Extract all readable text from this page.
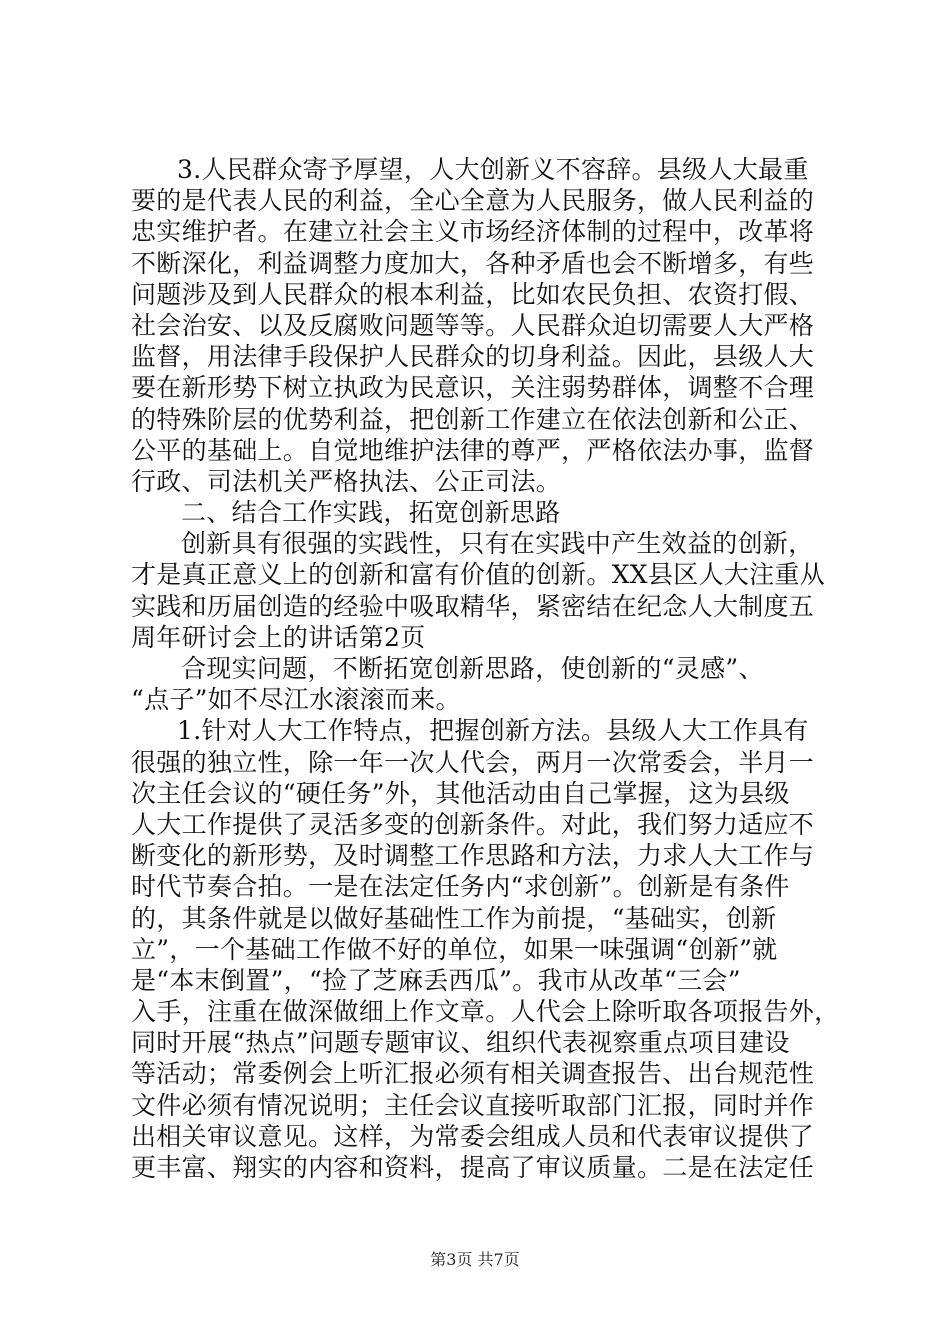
3.人民群众寄予厚望，人大创新义不容辞。县级人大最重
要的是代表人民的利益，全心全意为人民服务，做人民利益的
忠实维护者。在建立社会主义市场经济体制的过程中，改革将
不断深化，利益调整力度加大，各种矛盾也会不断增多，有些
问题涉及到人民群众的根本利益，比如农民负担、农资打假、
社会治安、以及反腐败问题等等。人民群众迫切需要人大严格
监督，用法律手段保护人民群众的切身利益。因此，县级人大
要在新形势下树立执政为民意识，关注弱势群体，调整不合理
的特殊阶层的优势利益，把创新工作建立在依法创新和公正、
公平的基础上。自觉地维护法律的尊严，严格依法办事，监督
行政、司法机关严格执法、公正司法。
二、结合工作实践，拓宽创新思路
创新具有很强的实践性，只有在实践中产生效益的创新，
才是真正意义上的创新和富有价值的创新。XX县区人大注重从
实践和历届创造的经验中吸取精华，紧密结在纪念人大制度五
周年研讨会上的讲话第2页
合现实问题，不断拓宽创新思路，使创新的“灵感”、
“点子”如不尽江水滚滚而来。
1.针对人大工作特点，把握创新方法。县级人大工作具有
很强的独立性，除一年一次人代会，两月一次常委会，半月一
次主任会议的“硬任务”外，其他活动由自己掌握，这为县级
人大工作提供了灵活多变的创新条件。对此，我们努力适应不
断变化的新形势，及时调整工作思路和方法，力求人大工作与
时代节奏合拍。一是在法定任务内“求创新”。创新是有条件
的，其条件就是以做好基础性工作为前提，“基础实，创新
立”，一个基础工作做不好的单位，如果一味强调“创新”就
是“本末倒置”，“捡了芝麻丢西瓜”。我市从改革“三会”
入手，注重在做深做细上作文章。人代会上除听取各项报告外，
同时开展“热点”问题专题审议、组织代表视察重点项目建设
等活动；常委例会上听汇报必须有相关调查报告、出台规范性
文件必须有情况说明；主任会议直接听取部门汇报，同时并作
出相关审议意见。这样，为常委会组成人员和代表审议提供了
更丰富、翔实的内容和资料，提高了审议质量。二是在法定任
第3页 共7页
